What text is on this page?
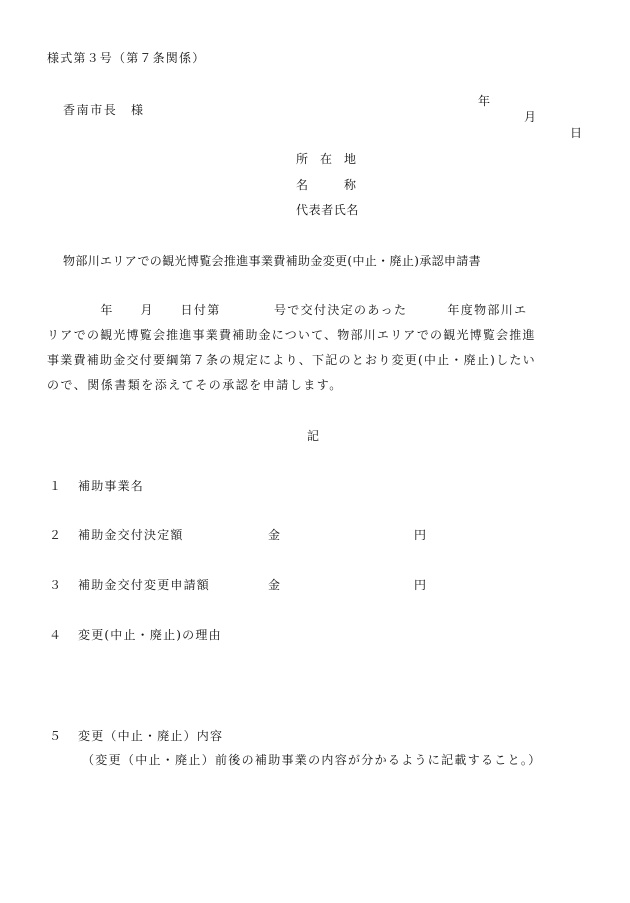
様式第３号（第７条関係）

年

月

日

香南市長　様
所　在　地
名　　　称
代表者氏名
物部川エリアでの観光博覧会推進事業費補助金変更(中止・廃止)承認申請書
　　　　年　　月　　日付第　　　　号で交付決定のあった　　　年度物部川エ
リアでの観光博覧会推進事業費補助金について、物部川エリアでの観光博覧会推進
事業費補助金交付要綱第７条の規定により、下記のとおり変更(中止・廃止)したい
ので、関係書類を添えてその承認を申請します。
記
１ 補助事業名
２ 補助金交付決定額	金	円
３ 補助金交付変更申請額	金	円
４ 変更(中止・廃止)の理由
５ 変更（中止・廃止）内容
（変更（中止・廃止）前後の補助事業の内容が分かるように記載すること。）
